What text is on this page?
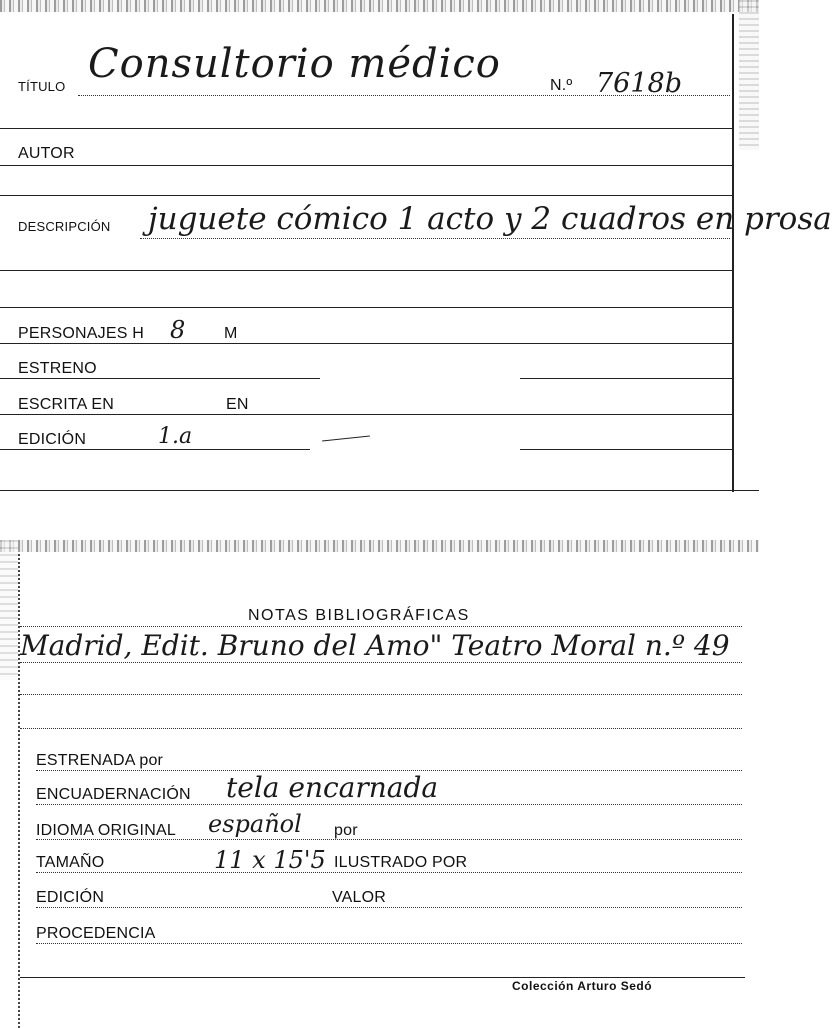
TÍTULO Consultorio médico	N.º 7618b
AUTOR
DESCRIPCIÓN juguete cómico 1 acto y 2 cuadros en prosa
PERSONAJES H 8 M
ESTRENO
ESCRITA EN	EN
EDICIÓN	1.a
NOTAS BIBLIOGRÁFICAS
Madrid, Edit. Bruno del Amo" Teatro Moral n.º 49
ESTRENADA por
ENCUADERNACIÓN tela encarnada
IDIOMA ORIGINAL español por
TAMAÑO	11 x 15'5 ILUSTRADO POR
EDICIÓN	VALOR
PROCEDENCIA
Colección Arturo Sedó
